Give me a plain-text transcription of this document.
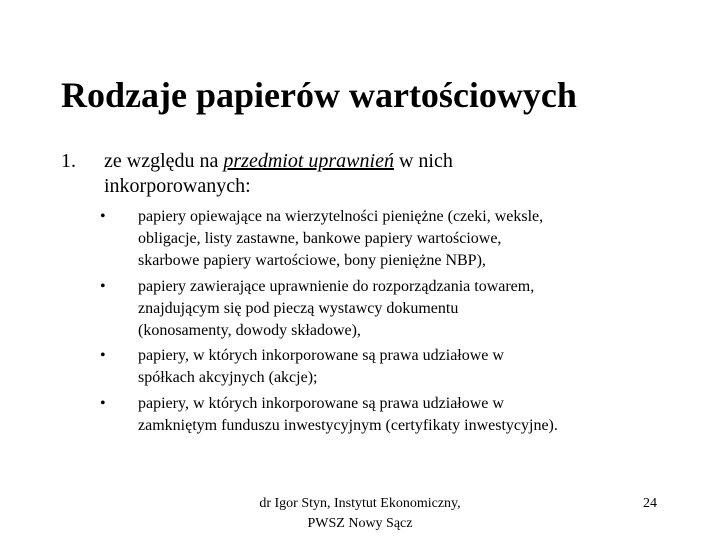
Rodzaje papierów wartościowych
1. ze względu na przedmiot uprawnień w nich
inkorporowanych:
• papiery opiewające na wierzytelności pieniężne (czeki, weksle,
obligacje, listy zastawne, bankowe papiery wartościowe,
skarbowe papiery wartościowe, bony pieniężne NBP),
• papiery zawierające uprawnienie do rozporządzania towarem,
znajdującym się pod pieczą wystawcy dokumentu
(konosamenty, dowody składowe),
• papiery, w których inkorporowane są prawa udziałowe w
spółkach akcyjnych (akcje);
• papiery, w których inkorporowane są prawa udziałowe w
zamkniętym funduszu inwestycyjnym (certyfikaty inwestycyjne).
dr Igor Styn, Instytut Ekonomiczny,
PWSZ Nowy Sącz
24
